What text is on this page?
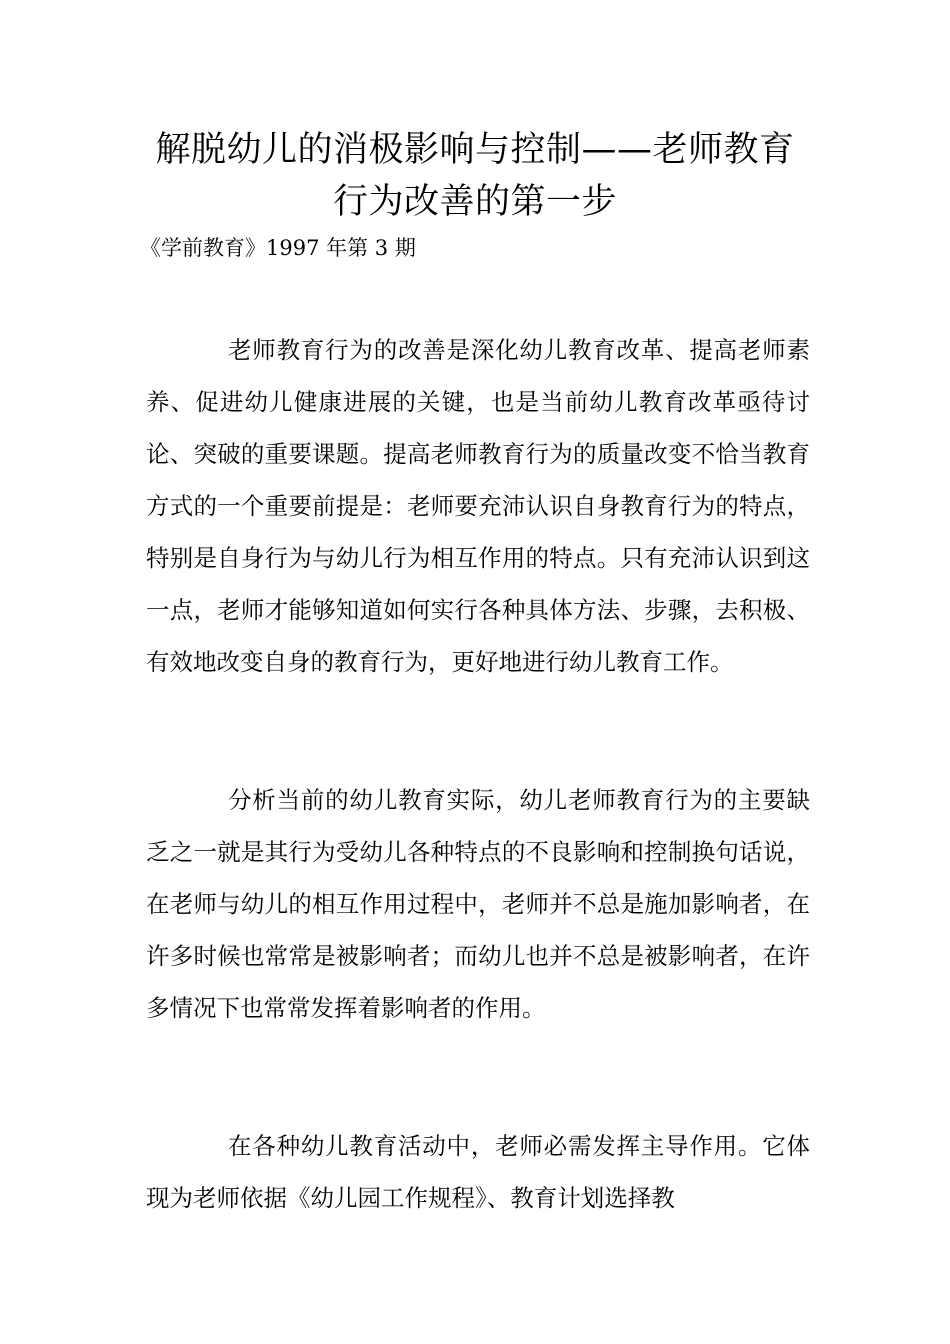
解脱幼儿的消极影响与控制——老师教育行为改善的第一步

《学前教育》1997 年第 3 期

老师教育行为的改善是深化幼儿教育改革、提高老师素养、促进幼儿健康进展的关键，也是当前幼儿教育改革亟待讨论、突破的重要课题。提高老师教育行为的质量改变不恰当教育方式的一个重要前提是：老师要充沛认识自身教育行为的特点，特别是自身行为与幼儿行为相互作用的特点。只有充沛认识到这一点，老师才能够知道如何实行各种具体方法、步骤，去积极、有效地改变自身的教育行为，更好地进行幼儿教育工作。

分析当前的幼儿教育实际，幼儿老师教育行为的主要缺乏之一就是其行为受幼儿各种特点的不良影响和控制换句话说，在老师与幼儿的相互作用过程中，老师并不总是施加影响者，在许多时候也常常是被影响者；而幼儿也并不总是被影响者，在许多情况下也常常发挥着影响者的作用。

在各种幼儿教育活动中，老师必需发挥主导作用。它体现为老师依据《幼儿园工作规程》、教育计划选择教
